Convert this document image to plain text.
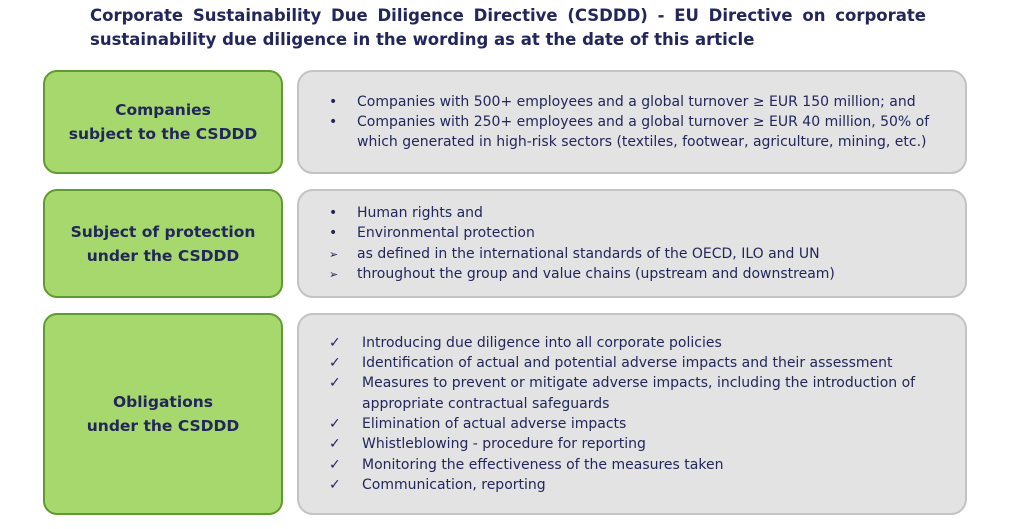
Corporate Sustainability Due Diligence Directive (CSDDD) - EU Directive on corporate sustainability due diligence in the wording as at the date of this article
Companies
subject to the CSDDD
•	Companies with 500+ employees and a global turnover ≥ EUR 150 million; and
•	Companies with 250+ employees and a global turnover ≥ EUR 40 million, 50% of which generated in high-risk sectors (textiles, footwear, agriculture, mining, etc.)
Subject of protection
under the CSDDD
•	Human rights and
•	Environmental protection
➢	as defined in the international standards of the OECD, ILO and UN
➢	throughout the group and value chains (upstream and downstream)
Obligations
under the CSDDD
✓	Introducing due diligence into all corporate policies
✓	Identification of actual and potential adverse impacts and their assessment
✓	Measures to prevent or mitigate adverse impacts, including the introduction of appropriate contractual safeguards
✓	Elimination of actual adverse impacts
✓	Whistleblowing - procedure for reporting
✓	Monitoring the effectiveness of the measures taken
✓	Communication, reporting
